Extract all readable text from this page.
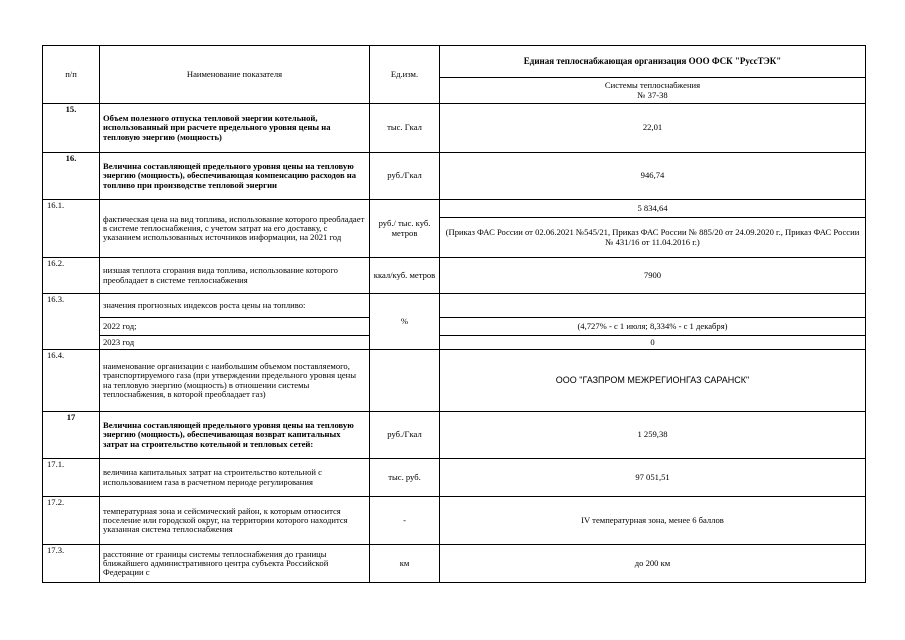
п/п	Наименование показателя	Ед.изм.	Единая теплоснабжающая организация ООО ФСК "РуссТЭК"

			Системы теплоснабжения
№ 37-38

15.	Объем полезного отпуска тепловой энергии котельной, использованный при расчете предельного уровня цены на тепловую энергию (мощность)	тыс. Гкал	22,01
16.	Величина составляющей предельного уровня цены на тепловую энергию (мощность), обеспечивающая компенсацию расходов на топливо при производстве тепловой энергии	руб./Гкал	946,74
16.1.	фактическая цена на вид топлива, использование которого преобладает в системе теплоснабжения, с учетом затрат на его доставку, с указанием использованных источников информации, на 2021 год	руб./ тыс. куб. метров	5 834,64
			(Приказ ФАС России от 02.06.2021 №545/21, Приказ ФАС России № 885/20 от 24.09.2020 г., Приказ ФАС России № 431/16 от 11.04.2016 г.)
16.2.	низшая теплота сгорания вида топлива, использование которого преобладает в системе теплоснабжения	ккал/куб. метров	7900
16.3.	значения прогнозных индексов роста цены на топливо:	%	
	2022 год;		(4,727% - с 1 июля; 8,334% - с 1 декабря)
	2023 год		0
16.4.	наименование организации с наибольшим объемом поставляемого, транспортируемого газа (при утверждении предельного уровня цены на тепловую энергию (мощность) в отношении системы теплоснабжения, в которой преобладает газ)		ООО "ГАЗПРОМ МЕЖРЕГИОНГАЗ САРАНСК"
17	Величина составляющей предельного уровня цены на тепловую энергию (мощность), обеспечивающая возврат капитальных затрат на строительство котельной и тепловых сетей:	руб./Гкал	1 259,38
17.1.	величина капитальных затрат на строительство котельной с использованием газа в расчетном периоде регулирования	тыс. руб.	97 051,51
17.2.	температурная зона и сейсмический район, к которым относится поселение или городской округ, на территории которого находится указанная система теплоснабжения	-	IV температурная зона, менее 6 баллов
17.3.	расстояние от границы системы теплоснабжения до границы ближайшего административного центра субъекта Российской Федерации с	км	до 200 км
